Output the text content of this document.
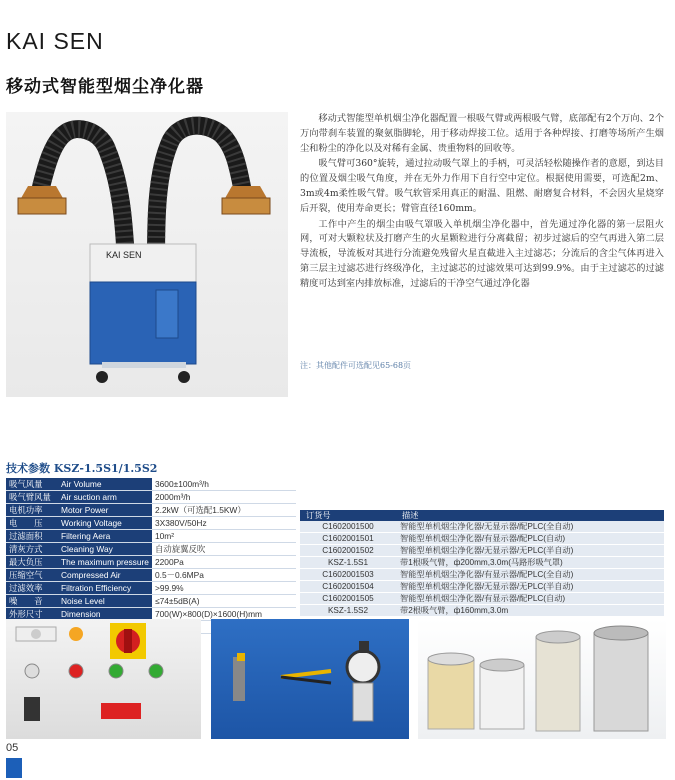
KAI SEN
移动式智能型烟尘净化器
KAI SEN

移动式智能型单机烟尘净化器配置一根吸气臂或两根吸气臂，底部配有2个万向、2个万向带刹车装置的聚氨脂脚轮，用于移动焊接工位。适用于各种焊接、打磨等场所产生烟尘和粉尘的净化以及对稀有金属、贵重物料的回收等。

吸气臂可360°旋转，通过拉动吸气罩上的手柄，可灵活轻松随操作者的意愿，到达目的位置及烟尘吸气角度，并在无外力作用下自行空中定位。根据使用需要，可选配2m、3m或4m柔性吸气臂。吸气软管采用真正的耐温、阻燃、耐磨复合材料，不会因火星烧穿后开裂，使用寿命更长；臂管直径160mm。

工作中产生的烟尘由吸气罩吸入单机烟尘净化器中，首先通过净化器的第一层阻火网，可对大颗粒状及打磨产生的火星颗粒进行分离截留；初步过滤后的空气再进入第二层导流板，导流板对其进行分流避免残留火星直截进入主过滤芯；分流后的含尘气体再进入第三层主过滤芯进行终级净化，主过滤芯的过滤效果可达到99.9%。由于主过滤芯的过滤精度可达到室内排放标准，过滤后的干净空气通过净化器

注：其他配件可选配见65-68页
技术参数 KSZ-1.5S1/1.5S2
吸气风量 Air Volume	3600±100m³/h
吸气臂风量 Air suction arm	2000m³/h
电机功率 Motor Power	2.2kW（可选配1.5KW）
电　　压 Working Voltage	3X380V/50Hz
过滤面积 Filtering Aera	10m²
清灰方式 Cleaning Way	自动旋翼反吹
最大负压 The maximum pressure	2200Pa
压缩空气 Compressed Air	0.5－0.6MPa
过滤效率 Filtration Efficiency	>99.9%
噪　　音 Noise Level	≤74±5dB(A)
外形尺寸 Dimension	700(W)×800(D)×1600(H)mm

订货号	描述
C1602001500	智能型单机烟尘净化器/无显示器/配PLC(全自动)
C1602001501	智能型单机烟尘净化器/有显示器/配PLC(自动)
C1602001502	智能型单机烟尘净化器/无显示器/无PLC(半自动)
KSZ-1.5S1	带1根吸气臂，ф200mm,3.0m(马路形吸气罩)
C1602001503	智能型单机烟尘净化器/有显示器/配PLC(全自动)
C1602001504	智能型单机烟尘净化器/无显示器/无PLC(半自动)
C1602001505	智能型单机烟尘净化器/有显示器/配PLC(自动)
KSZ-1.5S2	带2根吸气臂，ф160mm,3.0m
05
